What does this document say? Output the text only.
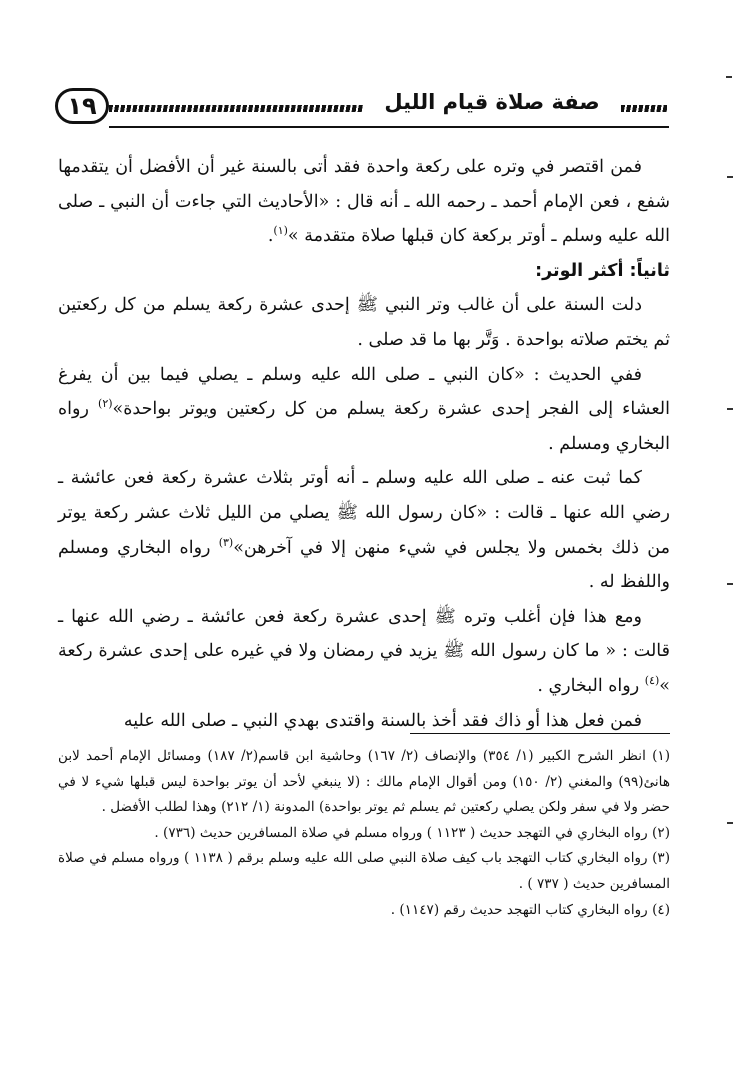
١٩	صفة صلاة قيام الليل

فمن اقتصر في وتره على ركعة واحدة فقد أتى بالسنة غير أن الأفضل أن يتقدمها شفع ، فعن الإمام أحمد ـ رحمه الله ـ أنه قال : «الأحاديث التي جاءت أن النبي ـ صلى الله عليه وسلم ـ أوتر بركعة كان قبلها صلاة متقدمة »$^{(١)}$.

ثانياً: أكثر الوتر:

دلت السنة على أن غالب وتر النبي ﷺ إحدى عشرة ركعة يسلم من كل ركعتين ثم يختم صلاته بواحدة . وَتَّر بها ما قد صلى .

ففي الحديث : «كان النبي ـ صلى الله عليه وسلم ـ يصلي فيما بين أن يفرغ العشاء إلى الفجر إحدى عشرة ركعة يسلم من كل ركعتين ويوتر بواحدة»$^{(٢)}$ رواه البخاري ومسلم .

كما ثبت عنه ـ صلى الله عليه وسلم ـ أنه أوتر بثلاث عشرة ركعة فعن عائشة ـ رضي الله عنها ـ قالت : «كان رسول الله ﷺ يصلي من الليل ثلاث عشر ركعة يوتر من ذلك بخمس ولا يجلس في شيء منهن إلا في آخرهن»$^{(٣)}$ رواه البخاري ومسلم واللفظ له .

ومع هذا فإن أغلب وتره ﷺ إحدى عشرة ركعة فعن عائشة ـ رضي الله عنها ـ قالت : « ما كان رسول الله ﷺ يزيد في رمضان ولا في غيره على إحدى عشرة ركعة »$^{(٤)}$ رواه البخاري .

فمن فعل هذا أو ذاك فقد أخذ بالسنة واقتدى بهدي النبي ـ صلى الله عليه

(١) انظر الشرح الكبير (١/ ٣٥٤) والإنصاف (٢/ ١٦٧) وحاشية ابن قاسم(٢/ ١٨٧) ومسائل الإمام أحمد لابن هانئ(٩٩) والمغني (٢/ ١٥٠) ومن أقوال الإمام مالك : (لا ينبغي لأحد أن يوتر بواحدة ليس قبلها شيء لا في حضر ولا في سفر ولكن يصلي ركعتين ثم يسلم ثم يوتر بواحدة) المدونة (١/ ٢١٢) وهذا لطلب الأفضل .

(٢) رواه البخاري في التهجد حديث ( ١١٢٣ ) ورواه مسلم في صلاة المسافرين حديث (٧٣٦) .

(٣) رواه البخاري كتاب التهجد باب كيف صلاة النبي صلى الله عليه وسلم برقم ( ١١٣٨ ) ورواه مسلم في صلاة المسافرين حديث ( ٧٣٧ ) .

(٤) رواه البخاري كتاب التهجد حديث رقم (١١٤٧) .
